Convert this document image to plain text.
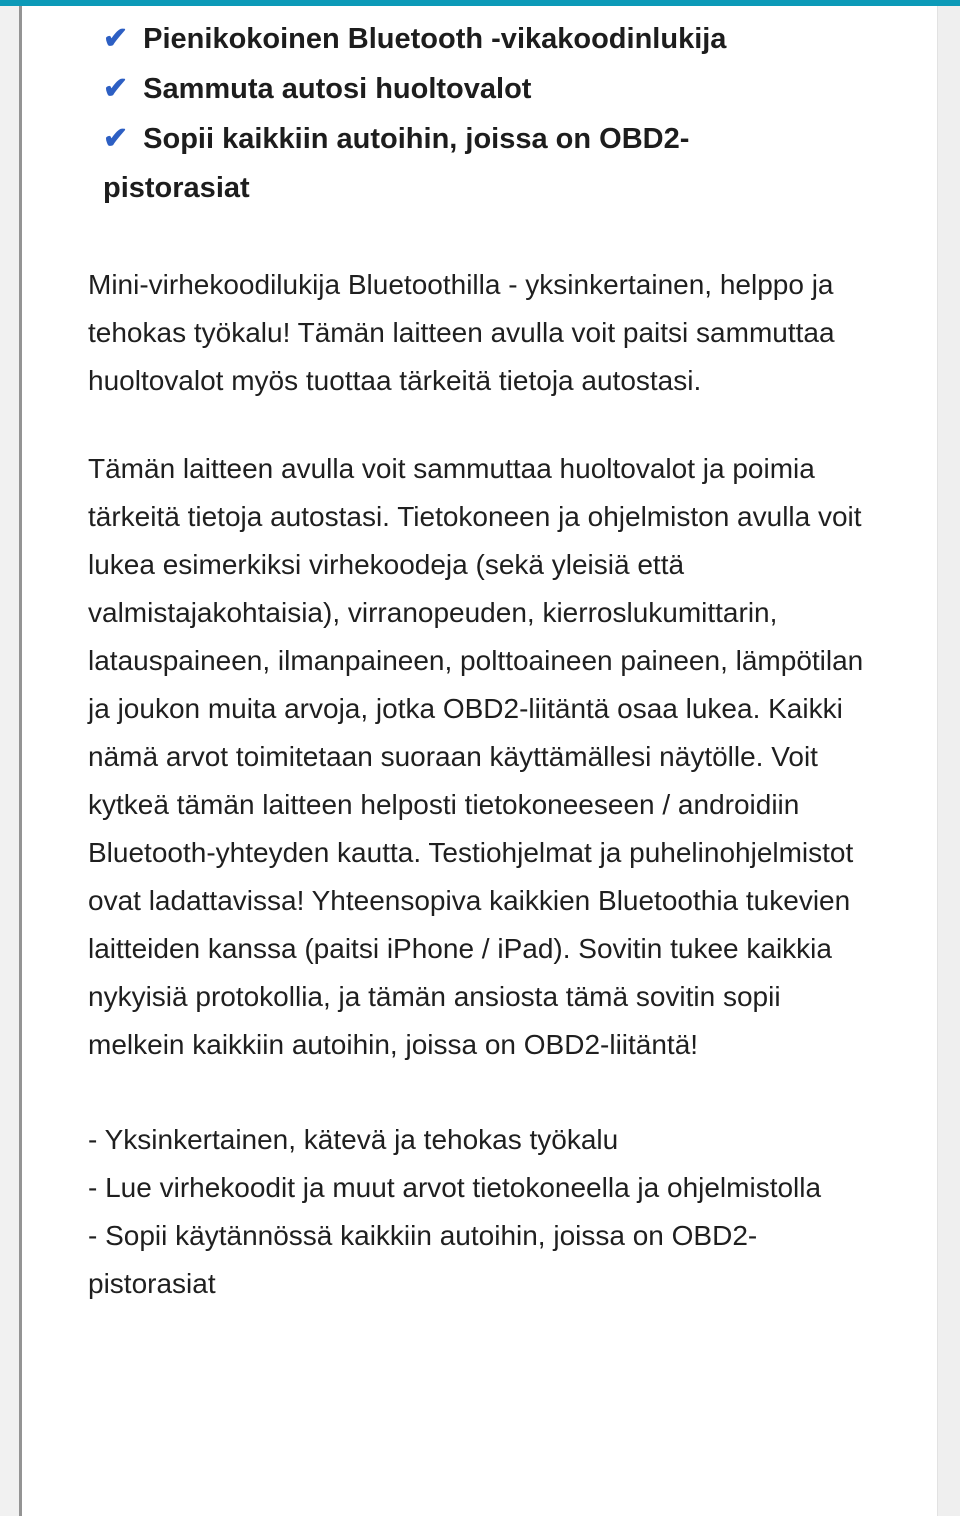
✔ Pienikokoinen Bluetooth -vikakoodinlukija
✔ Sammuta autosi huoltovalot
✔ Sopii kaikkiin autoihin, joissa on OBD2-pistorasiat

Mini-virhekoodilukija Bluetoothilla - yksinkertainen, helppo ja tehokas työkalu! Tämän laitteen avulla voit paitsi sammuttaa huoltovalot myös tuottaa tärkeitä tietoja autostasi.

Tämän laitteen avulla voit sammuttaa huoltovalot ja poimia tärkeitä tietoja autostasi. Tietokoneen ja ohjelmiston avulla voit lukea esimerkiksi virhekoodeja (sekä yleisiä että valmistajakohtaisia), virranopeuden, kierroslukumittarin, latauspaineen, ilmanpaineen, polttoaineen paineen, lämpötilan ja joukon muita arvoja, jotka OBD2-liitäntä osaa lukea. Kaikki nämä arvot toimitetaan suoraan käyttämällesi näytölle. Voit kytkeä tämän laitteen helposti tietokoneeseen / androidiin Bluetooth-yhteyden kautta. Testiohjelmat ja puhelinohjelmistot ovat ladattavissa! Yhteensopiva kaikkien Bluetoothia tukevien laitteiden kanssa (paitsi iPhone / iPad). Sovitin tukee kaikkia nykyisiä protokollia, ja tämän ansiosta tämä sovitin sopii melkein kaikkiin autoihin, joissa on OBD2-liitäntä!

- Yksinkertainen, kätevä ja tehokas työkalu

- Lue virhekoodit ja muut arvot tietokoneella ja ohjelmistolla

- Sopii käytännössä kaikkiin autoihin, joissa on OBD2-pistorasiat
